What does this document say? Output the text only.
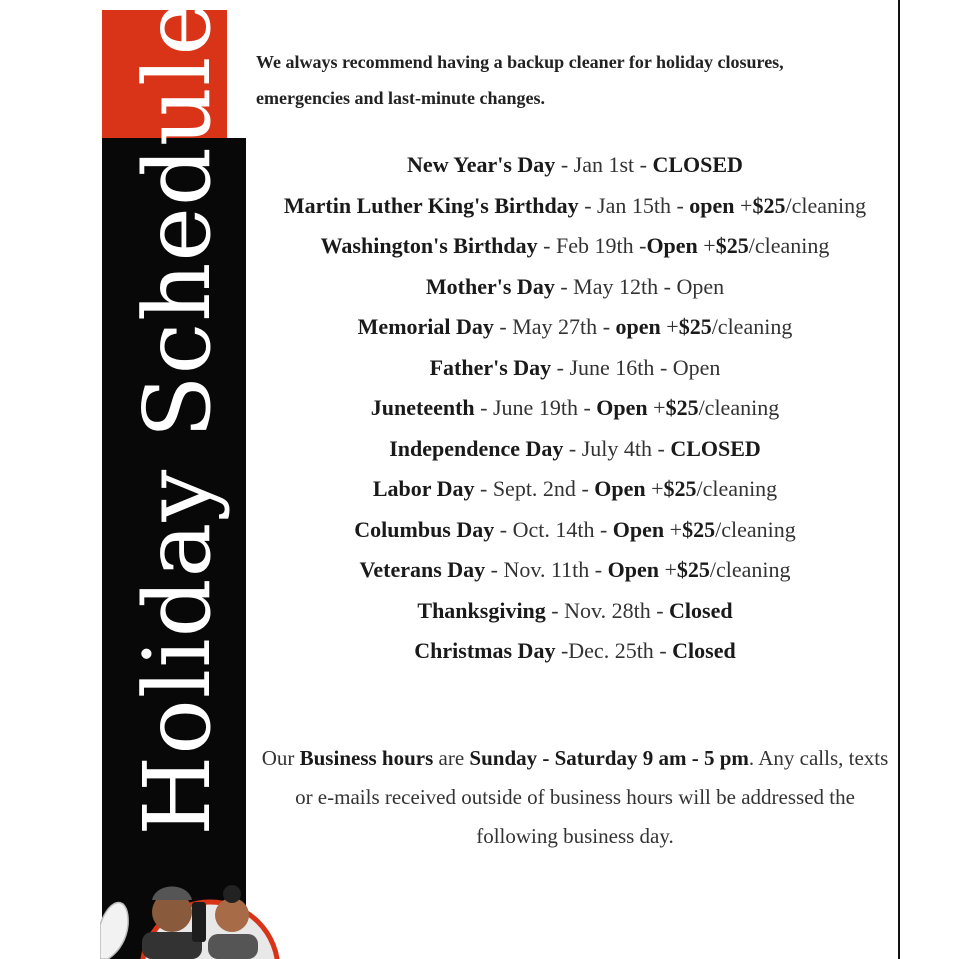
Holiday Schedule We always recommend having a backup cleaner for holiday closures,
emergencies and last-minute changes.
New Year's Day - Jan 1st - CLOSED
Martin Luther King's Birthday - Jan 15th - open +$25/cleaning
Washington's Birthday - Feb 19th -Open +$25/cleaning
Mother's Day - May 12th - Open
Memorial Day - May 27th - open +$25/cleaning
Father's Day - June 16th - Open
Juneteenth - June 19th - Open +$25/cleaning
Independence Day - July 4th - CLOSED
Labor Day - Sept. 2nd - Open +$25/cleaning
Columbus Day - Oct. 14th - Open +$25/cleaning
Veterans Day - Nov. 11th - Open +$25/cleaning
Thanksgiving - Nov. 28th - Closed
Christmas Day -Dec. 25th - Closed
Our Business hours are Sunday - Saturday 9 am - 5 pm. Any calls, texts or e-mails received outside of business hours will be addressed the following business day.
